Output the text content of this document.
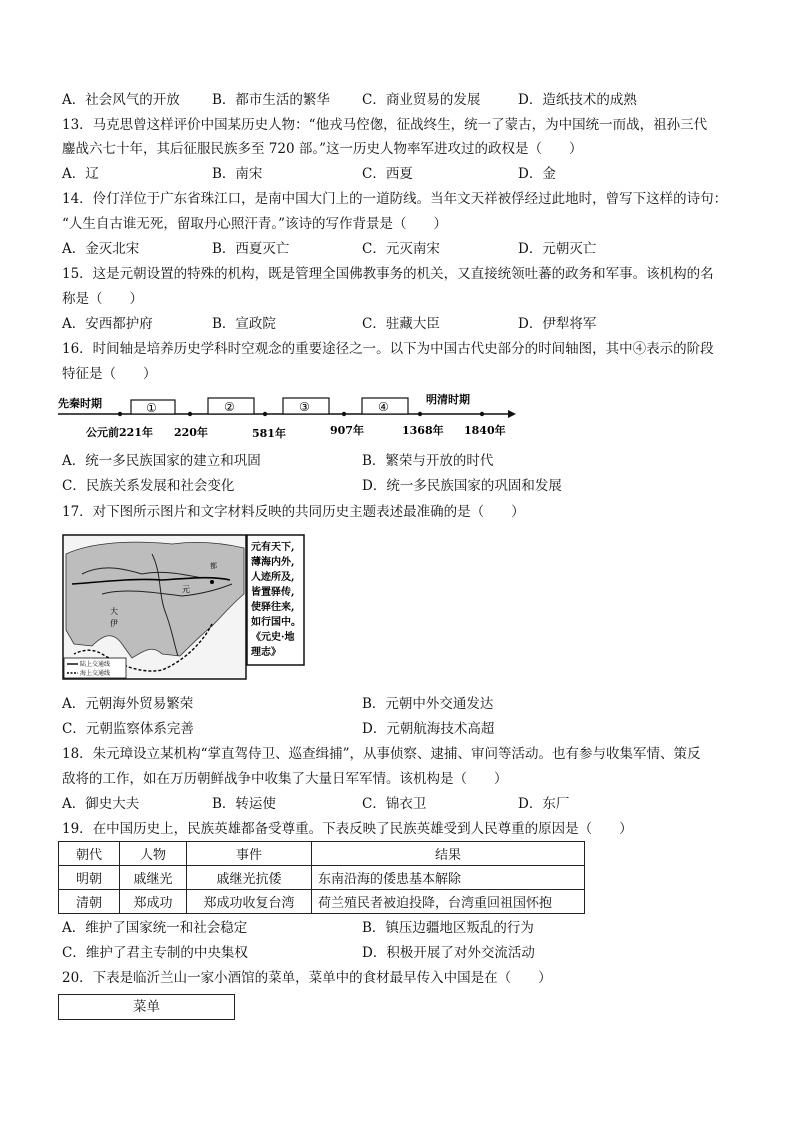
A．社会风气的开放 B．都市生活的繁华 C．商业贸易的发展	D．造纸技术的成熟
13．马克思曾这样评价中国某历史人物：“他戎马倥偬，征战终生，统一了蒙古，为中国统一而战，祖孙三代
鏖战六七十年，其后征服民族多至 720 部。”这一历史人物率军进攻过的政权是（　　）
A．辽	B．南宋	C．西夏	D．金
14．伶仃洋位于广东省珠江口，是南中国大门上的一道防线。当年文天祥被俘经过此地时，曾写下这样的诗句：
“人生自古谁无死，留取丹心照汗青。”该诗的写作背景是（　　）
A．金灭北宋	B．西夏灭亡	C．元灭南宋	D．元朝灭亡
15．这是元朝设置的特殊的机构，既是管理全国佛教事务的机关，又直接统领吐蕃的政务和军事。该机构的名
称是（　　）
A．安西都护府	B．宣政院	C．驻藏大臣	D．伊犁将军
16．时间轴是培养历史学科时空观念的重要途径之一。以下为中国古代史部分的时间轴图，其中④表示的阶段
特征是（　　）
先秦时期	明清时期
①	②	③	④
公元前221年 220年	581年	907年	1368年 1840年
A．统一多民族国家的建立和巩固	B．繁荣与开放的时代
C．民族关系发展和社会变化	D．统一多民族国家的巩固和发展
17．对下图所示图片和文字材料反映的共同历史主题表述最准确的是（　　）
大
伊
元
都
陆上交通线
海上交通线
元有天下,
薄海内外,
人迹所及,
皆置驿传,
使驿往来,
如行国中。
《元史·地
理志》
A．元朝海外贸易繁荣	B．元朝中外交通发达
C．元朝监察体系完善	D．元朝航海技术高超
18．朱元璋设立某机构“掌直驾侍卫、巡查缉捕”，从事侦察、逮捕、审问等活动。也有参与收集军情、策反
敌将的工作，如在万历朝鲜战争中收集了大量日军军情。该机构是（　　）
A．御史大夫	B．转运使	C．锦衣卫	D．东厂
19．在中国历史上，民族英雄都备受尊重。下表反映了民族英雄受到人民尊重的原因是（　　）
朝代	人物	事件	结果
明朝	戚继光	戚继光抗倭	东南沿海的倭患基本解除
清朝	郑成功	郑成功收复台湾	荷兰殖民者被迫投降，台湾重回祖国怀抱
A．维护了国家统一和社会稳定	B．镇压边疆地区叛乱的行为
C．维护了君主专制的中央集权	D．积极开展了对外交流活动
20．下表是临沂兰山一家小酒馆的菜单，菜单中的食材最早传入中国是在（　　）
菜单
